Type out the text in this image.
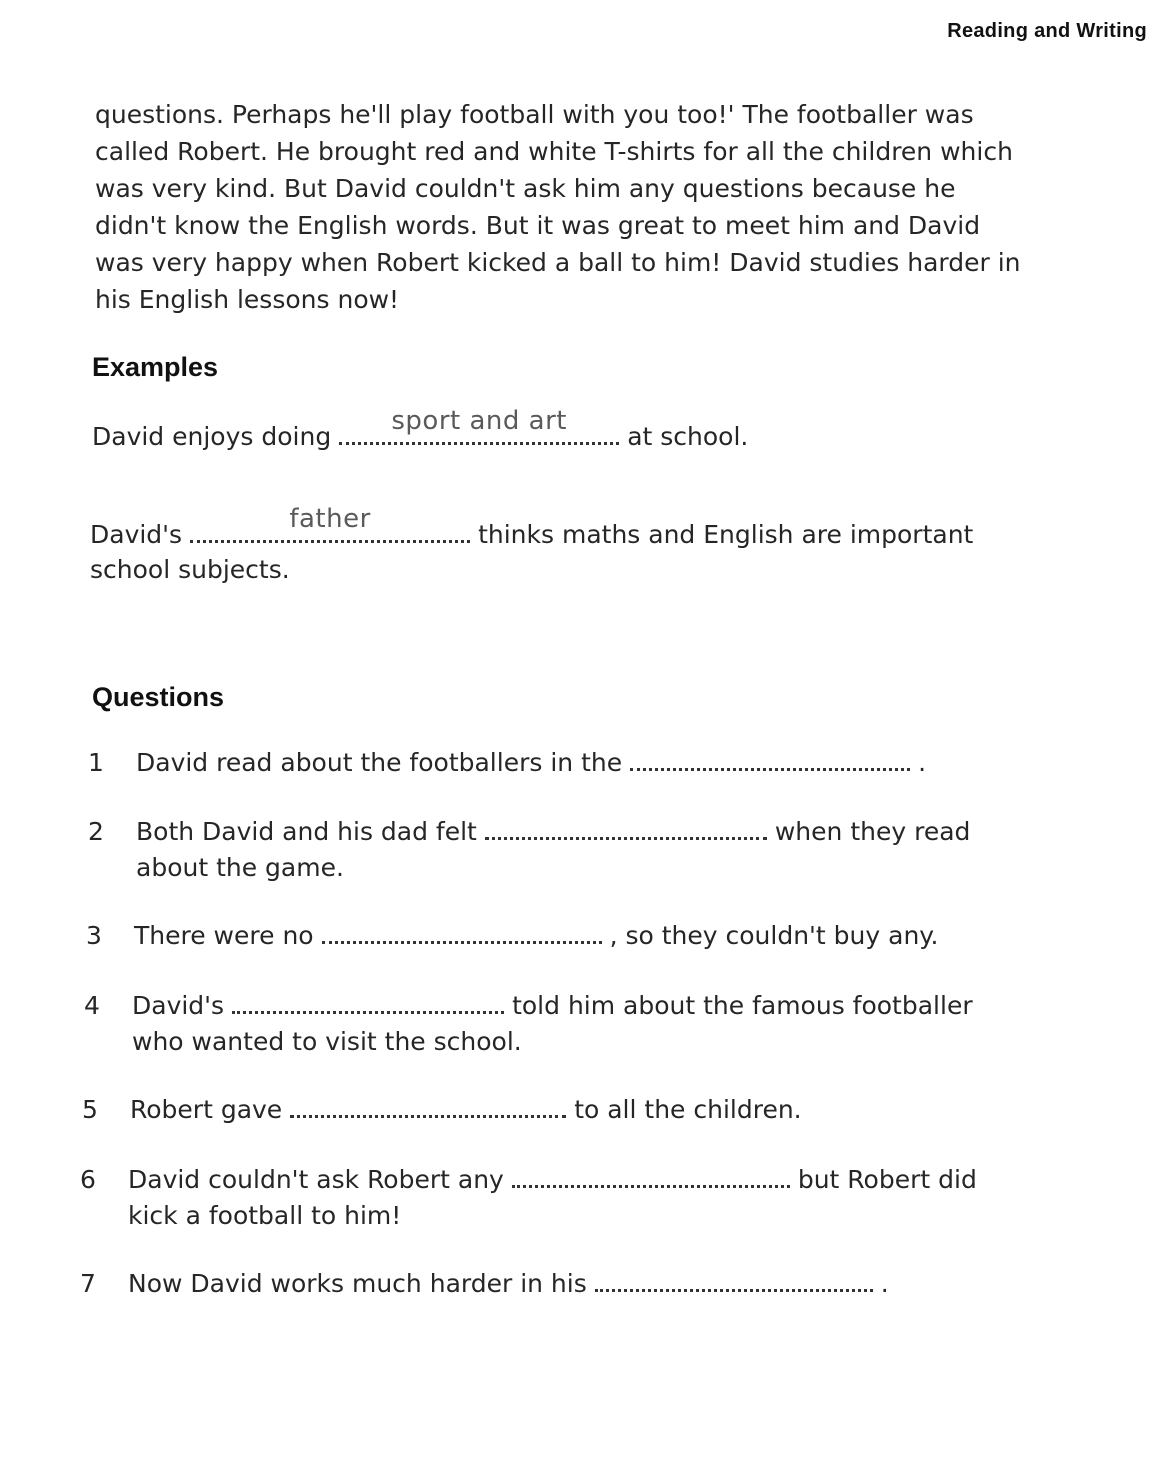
Reading and Writing
questions. Perhaps he'll play football with you too!' The footballer was
called Robert. He brought red and white T-shirts for all the children which
was very kind. But David couldn't ask him any questions because he
didn't know the English words. But it was great to meet him and David
was very happy when Robert kicked a ball to him! David studies harder in
his English lessons now!
Examples
David enjoys doing
sport and art
at school.
David's
father
thinks maths and English are important
school subjects.
Questions
1 David read about the footballers in the	.
2 Both David and his dad felt	when they read
about the game.
3 There were no	, so they couldn't buy any.
4 David's	told him about the famous footballer
who wanted to visit the school.
5 Robert gave	to all the children.
6 David couldn't ask Robert any	but Robert did
kick a football to him!
7 Now David works much harder in his	.
